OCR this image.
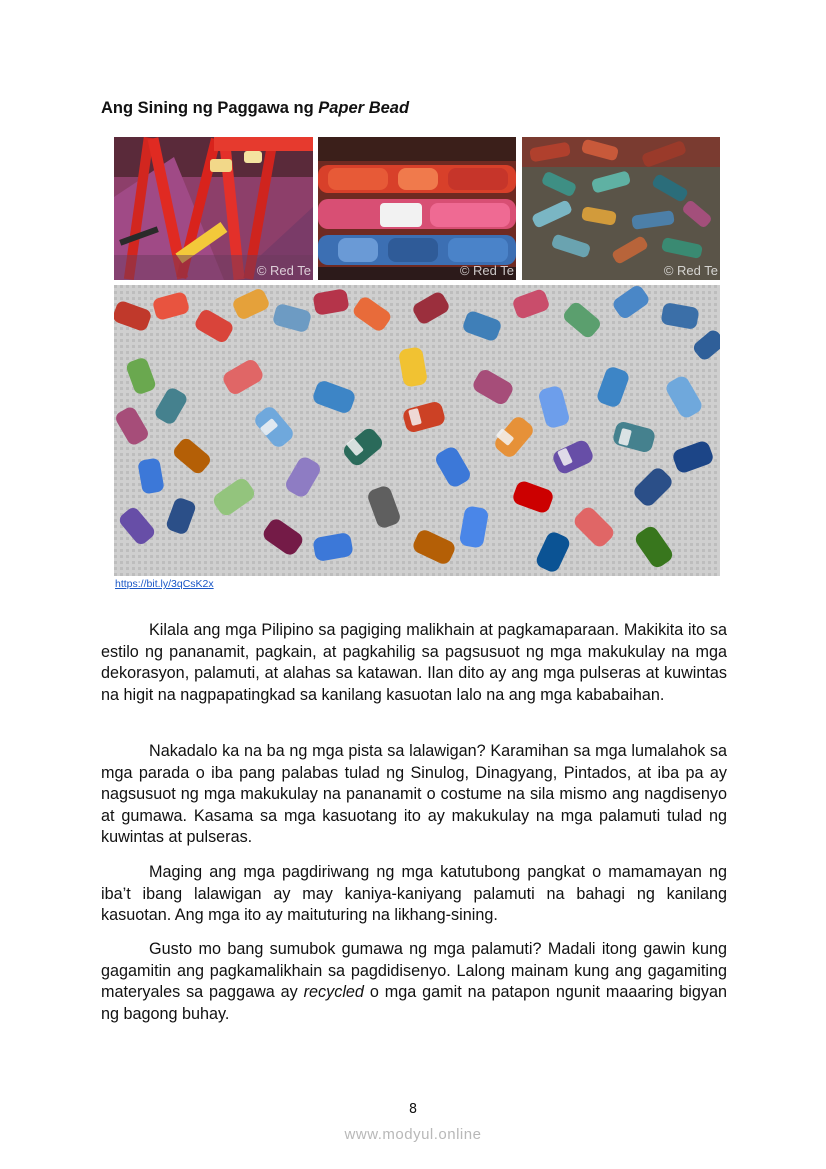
Ang Sining ng Paggawa ng Paper Bead
© Red Te	© Red Te	© Red Te
https://bit.ly/3qCsK2x

Kilala ang mga Pilipino sa pagiging malikhain at pagkamaparaan. Makikita ito sa estilo ng pananamit, pagkain, at pagkahilig sa pagsusuot ng mga makukulay na mga dekorasyon, palamuti, at alahas sa katawan. Ilan dito ay ang mga pulseras at kuwintas na higit na nagpapatingkad sa kanilang kasuotan lalo na ang mga kababaihan.

Nakadalo ka na ba ng mga pista sa lalawigan? Karamihan sa mga lumalahok sa mga parada o iba pang palabas tulad ng Sinulog, Dinagyang, Pintados, at iba pa ay nagsusuot ng mga makukulay na pananamit o costume na sila mismo ang nagdisenyo at gumawa. Kasama sa mga kasuotang ito ay makukulay na mga palamuti tulad ng kuwintas at pulseras.

Maging ang mga pagdiriwang ng mga katutubong pangkat o mamamayan ng iba’t ibang lalawigan ay may kaniya-kaniyang palamuti na bahagi ng kanilang kasuotan. Ang mga ito ay maituturing na likhang-sining.

Gusto mo bang sumubok gumawa ng mga palamuti? Madali itong gawin kung gagamitin ang pagkamalikhain sa pagdidisenyo. Lalong mainam kung ang gagamiting materyales sa paggawa ay recycled o mga gamit na patapon ngunit maaaring bigyan ng bagong buhay.

8
www.modyul.online
